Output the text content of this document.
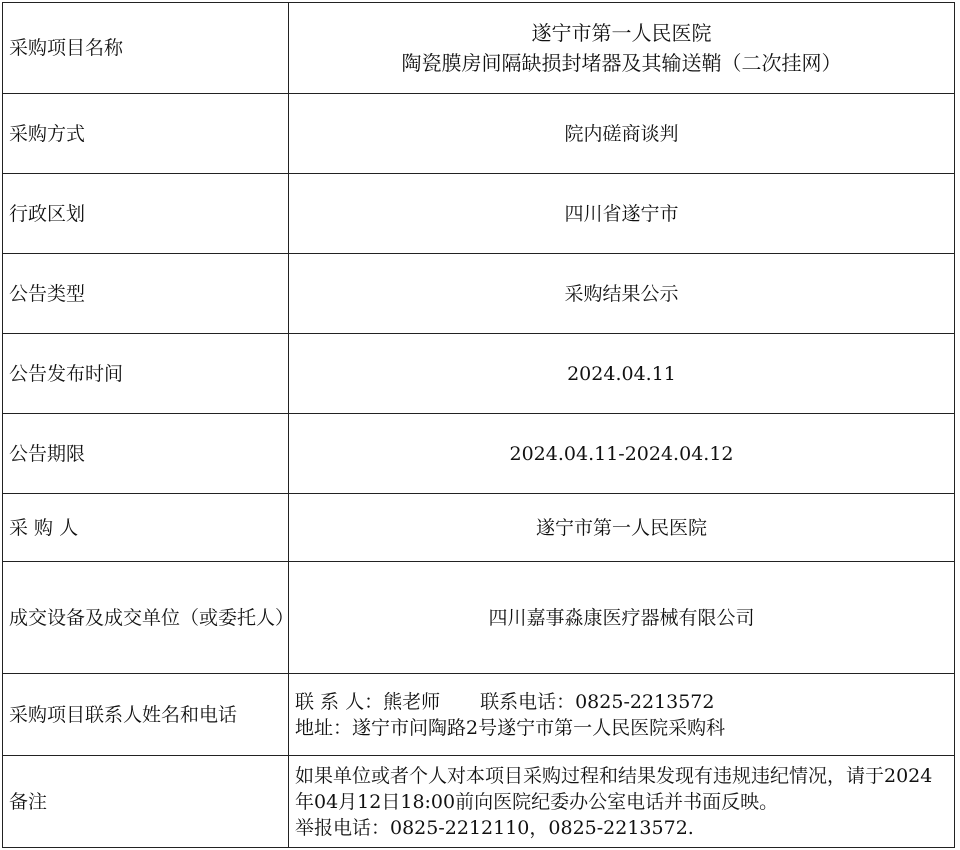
采购项目名称	遂宁市第一人民医院
陶瓷膜房间隔缺损封堵器及其输送鞘（二次挂网）

采购方式	院内磋商谈判
行政区划	四川省遂宁市
公告类型	采购结果公示
公告发布时间	2024.04.11
公告期限	2024.04.11-2024.04.12
采 购 人	遂宁市第一人民医院
成交设备及成交单位（或委托人）	四川嘉事淼康医疗器械有限公司
采购项目联系人姓名和电话	联 系 人：熊老师 联系电话：0825-2213572
地址：遂宁市问陶路2号遂宁市第一人民医院采购科

备注	如果单位或者个人对本项目采购过程和结果发现有违规违纪情况，请于2024年04月12日18:00前向医院纪委办公室电话并书面反映。
举报电话：0825-2212110，0825-2213572.
